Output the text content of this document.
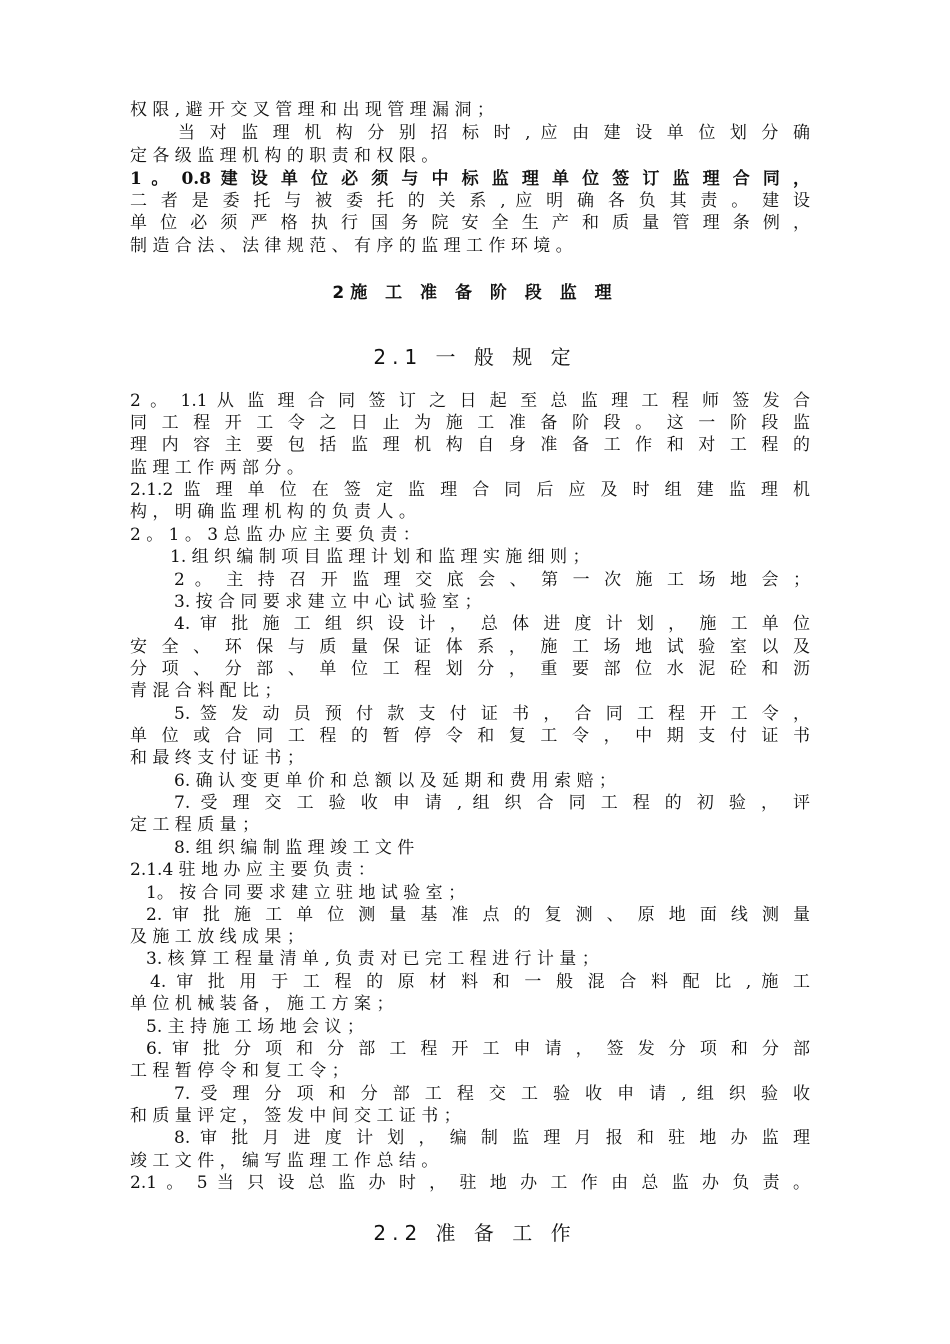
权 限 , 避 开 交 叉 管 理 和 出 现 管 理 漏 洞 ；
当 对 监 理 机 构 分 别 招 标 时 , 应 由 建 设 单 位 划 分 确
定 各 级 监 理 机 构 的 职 责 和 权 限 。
1 。 0.8 建 设 单 位 必 须 与 中 标 监 理 单 位 签 订 监 理 合 同 ，
二 者 是 委 托 与 被 委 托 的 关 系 , 应 明 确 各 负 其 责 。 建 设
单 位 必 须 严 格 执 行 国 务 院 安 全 生 产 和 质 量 管 理 条 例 ，
制 造 合 法 、 法 律 规 范 、 有 序 的 监 理 工 作 环 境 。
2施 工 准 备 阶 段 监 理
2.1 一 般 规 定
2 。 1.1 从 监 理 合 同 签 订 之 日 起 至 总 监 理 工 程 师 签 发 合
同 工 程 开 工 令 之 日 止 为 施 工 准 备 阶 段 。 这 一 阶 段 监
理 内 容 主 要 包 括 监 理 机 构 自 身 准 备 工 作 和 对 工 程 的
监 理 工 作 两 部 分 。
2.1.2 监 理 单 位 在 签 定 监 理 合 同 后 应 及 时 组 建 监 理 机
构 ， 明 确 监 理 机 构 的 负 责 人 。
2 。 1 。 3 总 监 办 应 主 要 负 责 ：
1. 组 织 编 制 项 目 监 理 计 划 和 监 理 实 施 细 则 ；
2 。 主 持 召 开 监 理 交 底 会 、 第 一 次 施 工 场 地 会 ；
3. 按 合 同 要 求 建 立 中 心 试 验 室 ；
4. 审 批 施 工 组 织 设 计 ， 总 体 进 度 计 划 ， 施 工 单 位
安 全 、 环 保 与 质 量 保 证 体 系 ， 施 工 场 地 试 验 室 以 及
分 项 、 分 部 、 单 位 工 程 划 分 ， 重 要 部 位 水 泥 砼 和 沥
青 混 合 料 配 比 ；
5. 签 发 动 员 预 付 款 支 付 证 书 ， 合 同 工 程 开 工 令 ，
单 位 或 合 同 工 程 的 暂 停 令 和 复 工 令 ， 中 期 支 付 证 书
和 最 终 支 付 证 书 ；
6. 确 认 变 更 单 价 和 总 额 以 及 延 期 和 费 用 索 赔 ；
7. 受 理 交 工 验 收 申 请 , 组 织 合 同 工 程 的 初 验 ， 评
定 工 程 质 量 ；
8. 组 织 编 制 监 理 竣 工 文 件
2.1.4 驻 地 办 应 主 要 负 责 ：
1。 按 合 同 要 求 建 立 驻 地 试 验 室 ；
2. 审 批 施 工 单 位 测 量 基 准 点 的 复 测 、 原 地 面 线 测 量
及 施 工 放 线 成 果 ；
3. 核 算 工 程 量 清 单 , 负 责 对 已 完 工 程 进 行 计 量 ；
4. 审 批 用 于 工 程 的 原 材 料 和 一 般 混 合 料 配 比 , 施 工
单 位 机 械 装 备 ， 施 工 方 案 ；
5. 主 持 施 工 场 地 会 议 ；
6. 审 批 分 项 和 分 部 工 程 开 工 申 请 ， 签 发 分 项 和 分 部
工 程 暂 停 令 和 复 工 令 ；
7. 受 理 分 项 和 分 部 工 程 交 工 验 收 申 请 , 组 织 验 收
和 质 量 评 定 ， 签 发 中 间 交 工 证 书 ；
8. 审 批 月 进 度 计 划 ， 编 制 监 理 月 报 和 驻 地 办 监 理
竣 工 文 件 ， 编 写 监 理 工 作 总 结 。
2.1 。 5 当 只 设 总 监 办 时 ， 驻 地 办 工 作 由 总 监 办 负 责 。
2.2 准 备 工 作
